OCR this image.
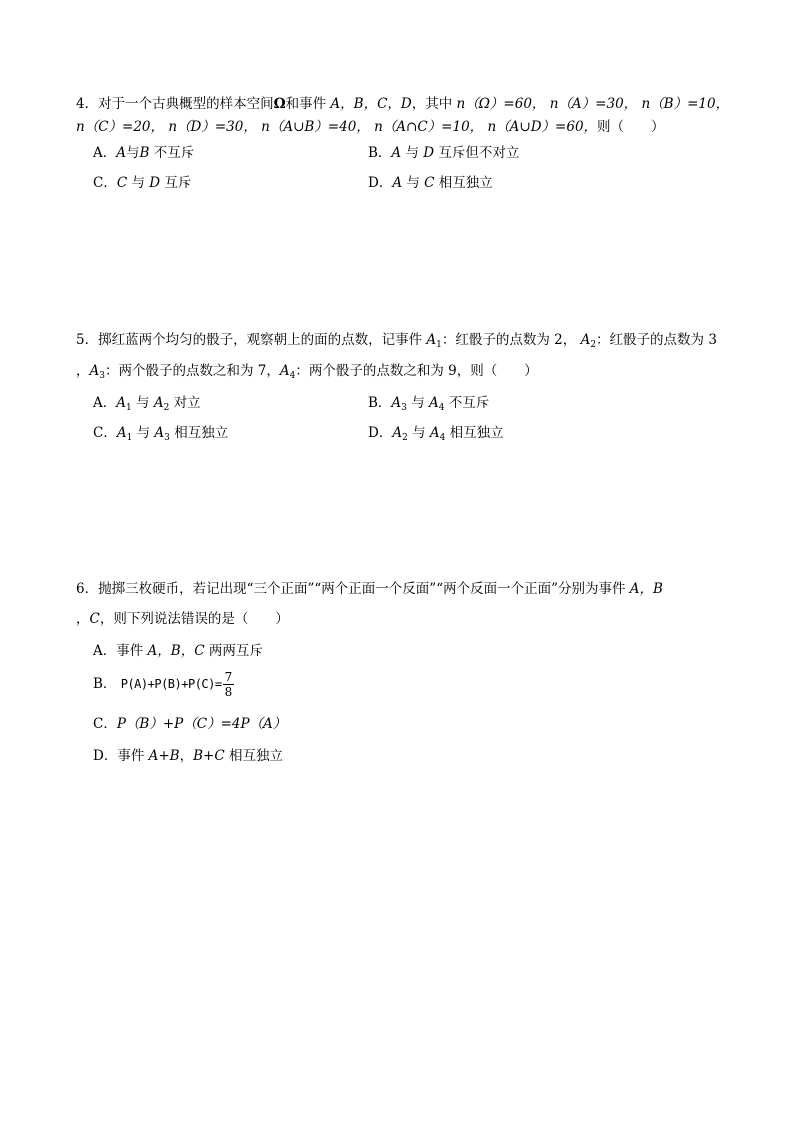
4．对于一个古典概型的样本空间Ω和事件 A，B，C，D，其中 n（Ω）=60， n（A）=30， n（B）=10，
n（C）=20， n（D）=30， n（A∪B）=40， n（A∩C）=10， n（A∪D）=60，则（　　）
A．A与B 不互斥	B．A 与 D 互斥但不对立
C．C 与 D 互斥	D．A 与 C 相互独立
5．掷红蓝两个均匀的骰子，观察朝上的面的点数，记事件 $A_1$：红骰子的点数为 2， $A_2$：红骰子的点数为 3
，$A_3$：两个骰子的点数之和为 7，$A_4$：两个骰子的点数之和为 9，则（　　）
A．$A_1$ 与 $A_2$ 对立	B．$A_3$ 与 $A_4$ 不互斥
C．$A_1$ 与 $A_3$ 相互独立	D．$A_2$ 与 $A_4$ 相互独立
6．抛掷三枚硬币，若记出现“三个正面”“两个正面一个反面”“两个反面一个正面”分别为事件 A，B
，C，则下列说法错误的是（　　）
A．事件 A，B，C 两两互斥
B． $P(A)+P(B)+P(C)= \frac{7}{8}$
C．P（B）+P（C）=4P（A）
D．事件 A+B，B+C 相互独立
